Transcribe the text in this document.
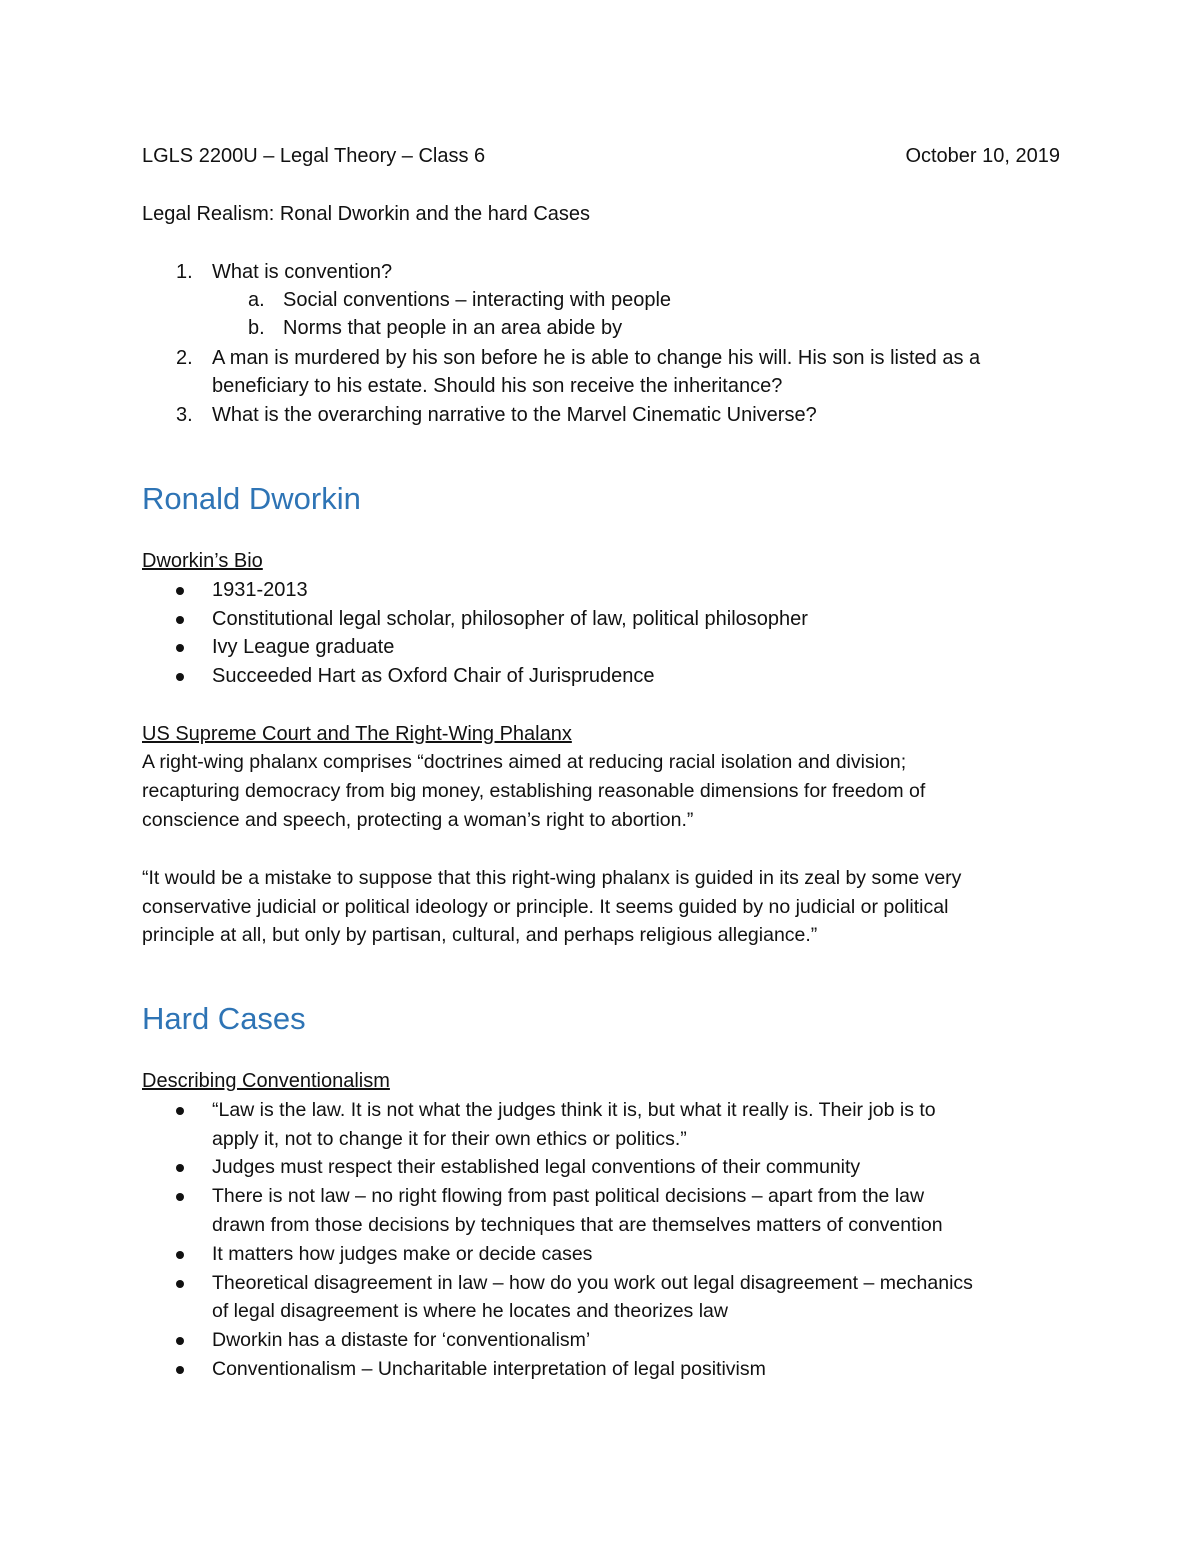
LGLS 2200U – Legal Theory – Class 6	October 10, 2019
Legal Realism: Ronal Dworkin and the hard Cases
1. What is convention?
a. Social conventions – interacting with people
b. Norms that people in an area abide by
2. A man is murdered by his son before he is able to change his will. His son is listed as a
beneficiary to his estate. Should his son receive the inheritance?
3. What is the overarching narrative to the Marvel Cinematic Universe?
Ronald Dworkin
Dworkin’s Bio
1931-2013
Constitutional legal scholar, philosopher of law, political philosopher
Ivy League graduate
Succeeded Hart as Oxford Chair of Jurisprudence
US Supreme Court and The Right-Wing Phalanx
A right-wing phalanx comprises “doctrines aimed at reducing racial isolation and division;
recapturing democracy from big money, establishing reasonable dimensions for freedom of
conscience and speech, protecting a woman’s right to abortion.”
“It would be a mistake to suppose that this right-wing phalanx is guided in its zeal by some very
conservative judicial or political ideology or principle. It seems guided by no judicial or political
principle at all, but only by partisan, cultural, and perhaps religious allegiance.”
Hard Cases
Describing Conventionalism
“Law is the law. It is not what the judges think it is, but what it really is. Their job is to
apply it, not to change it for their own ethics or politics.”
Judges must respect their established legal conventions of their community
There is not law – no right flowing from past political decisions – apart from the law
drawn from those decisions by techniques that are themselves matters of convention
It matters how judges make or decide cases
Theoretical disagreement in law – how do you work out legal disagreement – mechanics
of legal disagreement is where he locates and theorizes law
Dworkin has a distaste for ‘conventionalism’
Conventionalism – Uncharitable interpretation of legal positivism
